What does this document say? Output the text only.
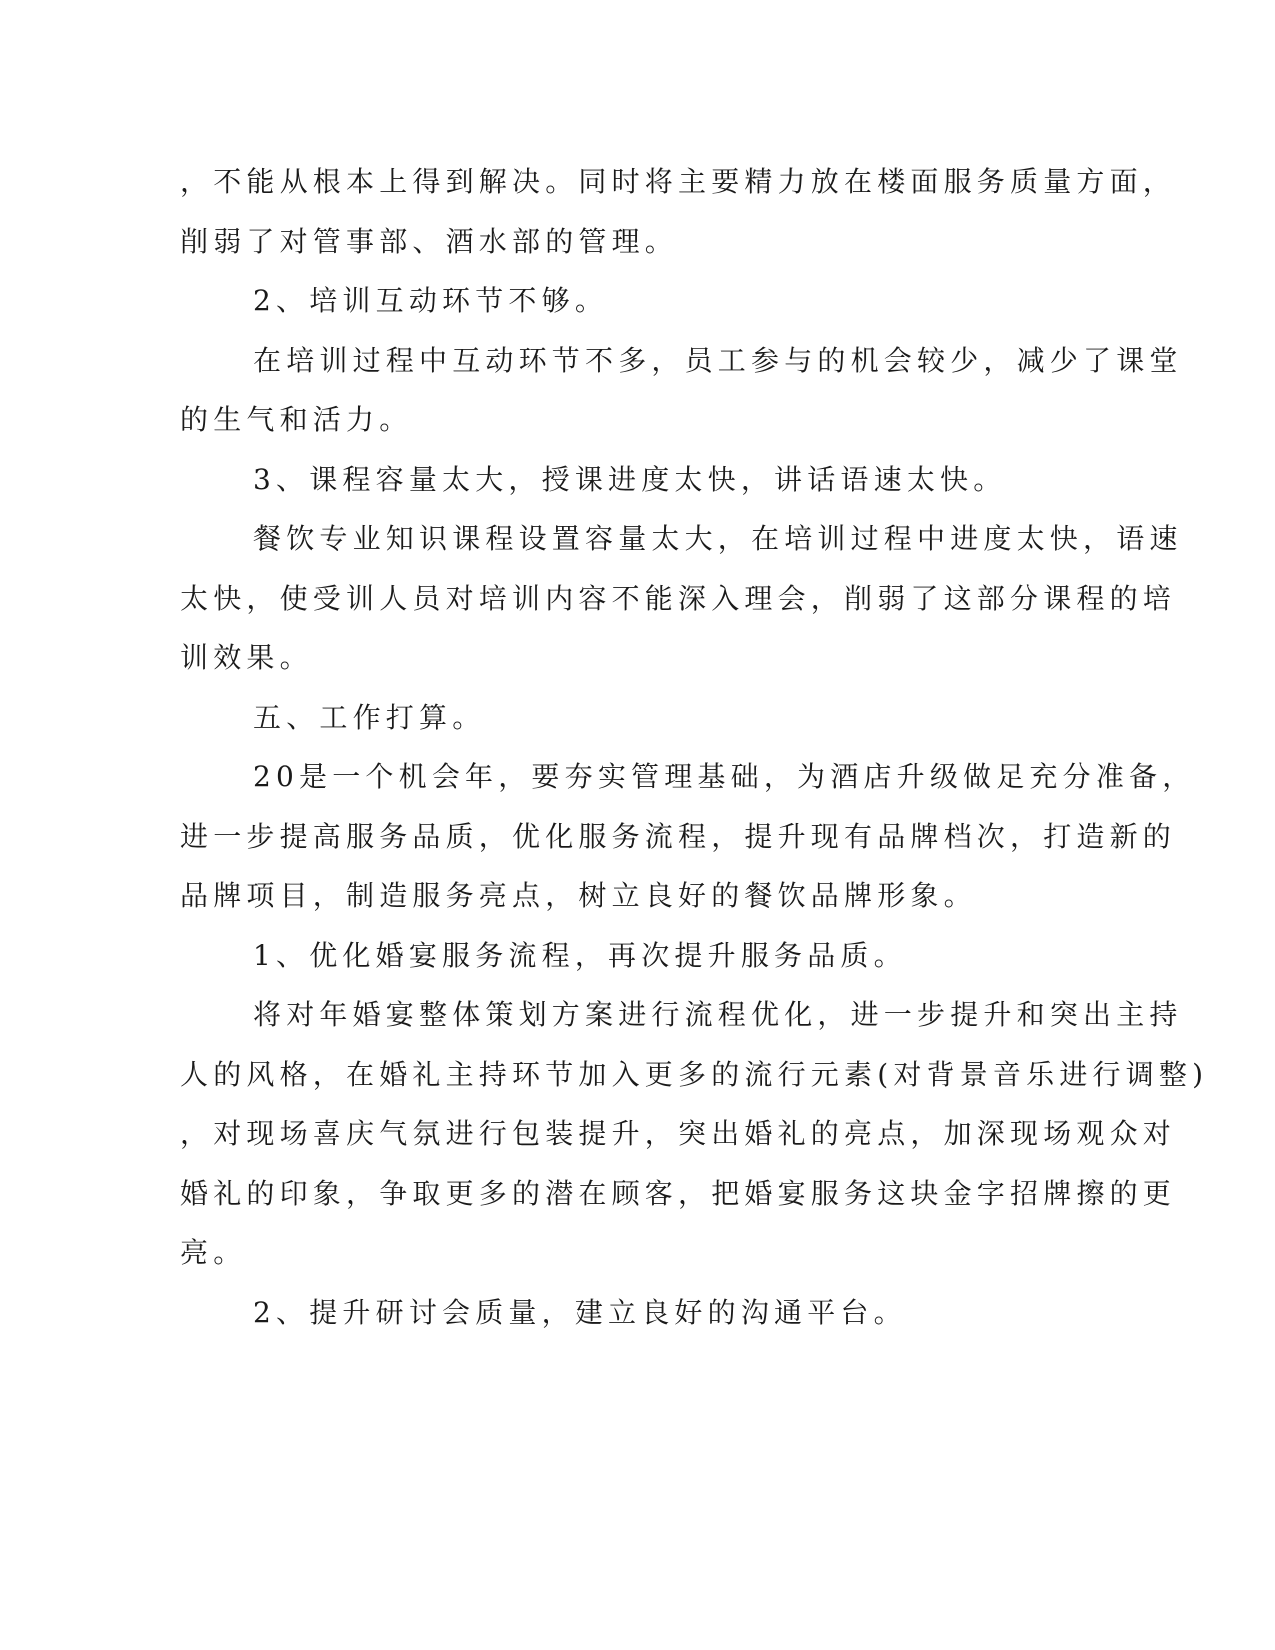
，不能从根本上得到解决。同时将主要精力放在楼面服务质量方面，
削弱了对管事部、酒水部的管理。
2、培训互动环节不够。
在培训过程中互动环节不多，员工参与的机会较少，减少了课堂
的生气和活力。
3、课程容量太大，授课进度太快，讲话语速太快。
餐饮专业知识课程设置容量太大，在培训过程中进度太快，语速
太快，使受训人员对培训内容不能深入理会，削弱了这部分课程的培
训效果。
五、工作打算。
20是一个机会年，要夯实管理基础，为酒店升级做足充分准备，
进一步提高服务品质，优化服务流程，提升现有品牌档次，打造新的
品牌项目，制造服务亮点，树立良好的餐饮品牌形象。
1、优化婚宴服务流程，再次提升服务品质。
将对年婚宴整体策划方案进行流程优化，进一步提升和突出主持
人的风格，在婚礼主持环节加入更多的流行元素(对背景音乐进行调整)
，对现场喜庆气氛进行包装提升，突出婚礼的亮点，加深现场观众对
婚礼的印象，争取更多的潜在顾客，把婚宴服务这块金字招牌擦的更
亮。
2、提升研讨会质量，建立良好的沟通平台。
